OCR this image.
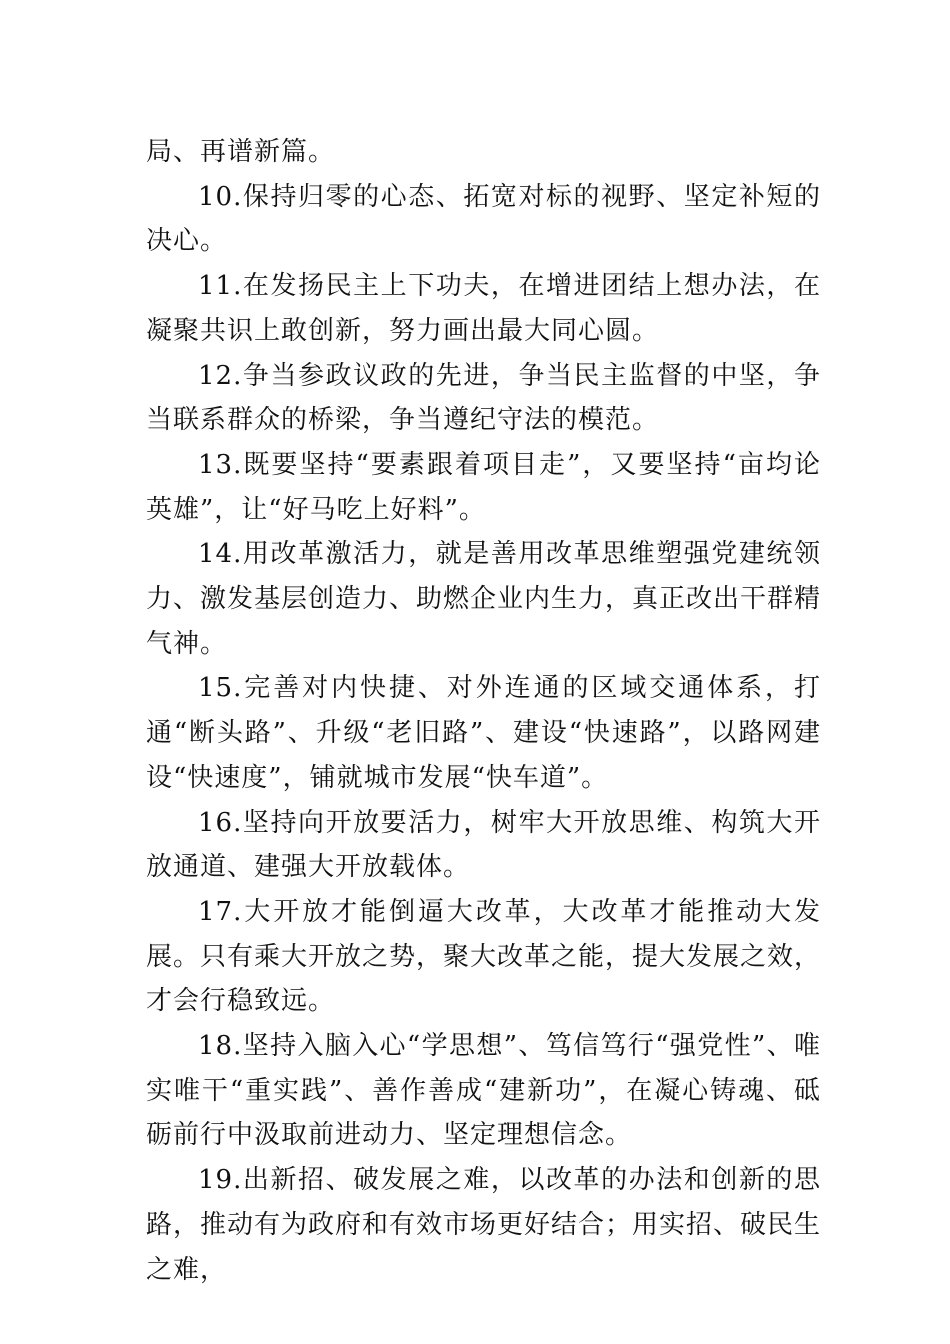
局、再谱新篇。

10.保持归零的心态、拓宽对标的视野、坚定补短的决心。

11.在发扬民主上下功夫，在增进团结上想办法，在凝聚共识上敢创新，努力画出最大同心圆。

12.争当参政议政的先进，争当民主监督的中坚，争当联系群众的桥梁，争当遵纪守法的模范。

13.既要坚持“要素跟着项目走”，又要坚持“亩均论英雄”，让“好马吃上好料”。

14.用改革激活力，就是善用改革思维塑强党建统领力、激发基层创造力、助燃企业内生力，真正改出干群精气神。

15.完善对内快捷、对外连通的区域交通体系，打通“断头路”、升级“老旧路”、建设“快速路”，以路网建设“快速度”，铺就城市发展“快车道”。

16.坚持向开放要活力，树牢大开放思维、构筑大开放通道、建强大开放载体。

17.大开放才能倒逼大改革，大改革才能推动大发展。只有乘大开放之势，聚大改革之能，提大发展之效，才会行稳致远。

18.坚持入脑入心“学思想”、笃信笃行“强党性”、唯实唯干“重实践”、善作善成“建新功”，在凝心铸魂、砥砺前行中汲取前进动力、坚定理想信念。

19.出新招、破发展之难，以改革的办法和创新的思路，推动有为政府和有效市场更好结合；用实招、破民生之难，
